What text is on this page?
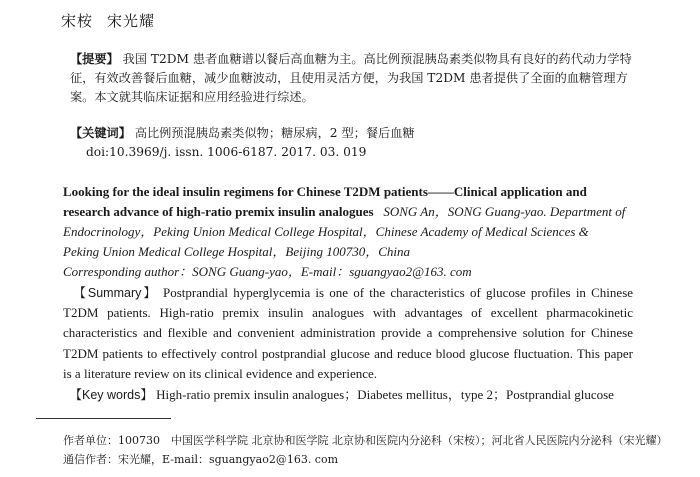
宋桉 宋光耀
【提要】 我国 T2DM 患者血糖谱以餐后高血糖为主。高比例预混胰岛素类似物具有良好的药代动力学特征，有效改善餐后血糖，减少血糖波动，且使用灵活方便，为我国 T2DM 患者提供了全面的血糖管理方案。本文就其临床证据和应用经验进行综述。
【关键词】 高比例预混胰岛素类似物；糖尿病，2 型；餐后血糖
doi:10.3969/j. issn. 1006-6187. 2017. 03. 019
Looking for the ideal insulin regimens for Chinese T2DM patients——Clinical application and research advance of high-ratio premix insulin analogues SONG An，SONG Guang-yao. Department of Endocrinology，Peking Union Medical College Hospital，Chinese Academy of Medical Sciences & Peking Union Medical College Hospital，Beijing 100730，China
Corresponding author：SONG Guang-yao，E-mail：sguangyao2@163. com
【Summary】 Postprandial hyperglycemia is one of the characteristics of glucose profiles in Chinese T2DM patients. High-ratio premix insulin analogues with advantages of excellent pharmacokinetic characteristics and flexible and convenient administration provide a comprehensive solution for Chinese T2DM patients to effectively control postprandial glucose and reduce blood glucose fluctuation. This paper is a literature review on its clinical evidence and experience.
【Key words】 High-ratio premix insulin analogues；Diabetes mellitus，type 2；Postprandial glucose
作者单位：100730　中国医学科学院 北京协和医学院 北京协和医院内分泌科（宋桉）；河北省人民医院内分泌科（宋光耀）
通信作者：宋光耀，E-mail：sguangyao2@163. com
